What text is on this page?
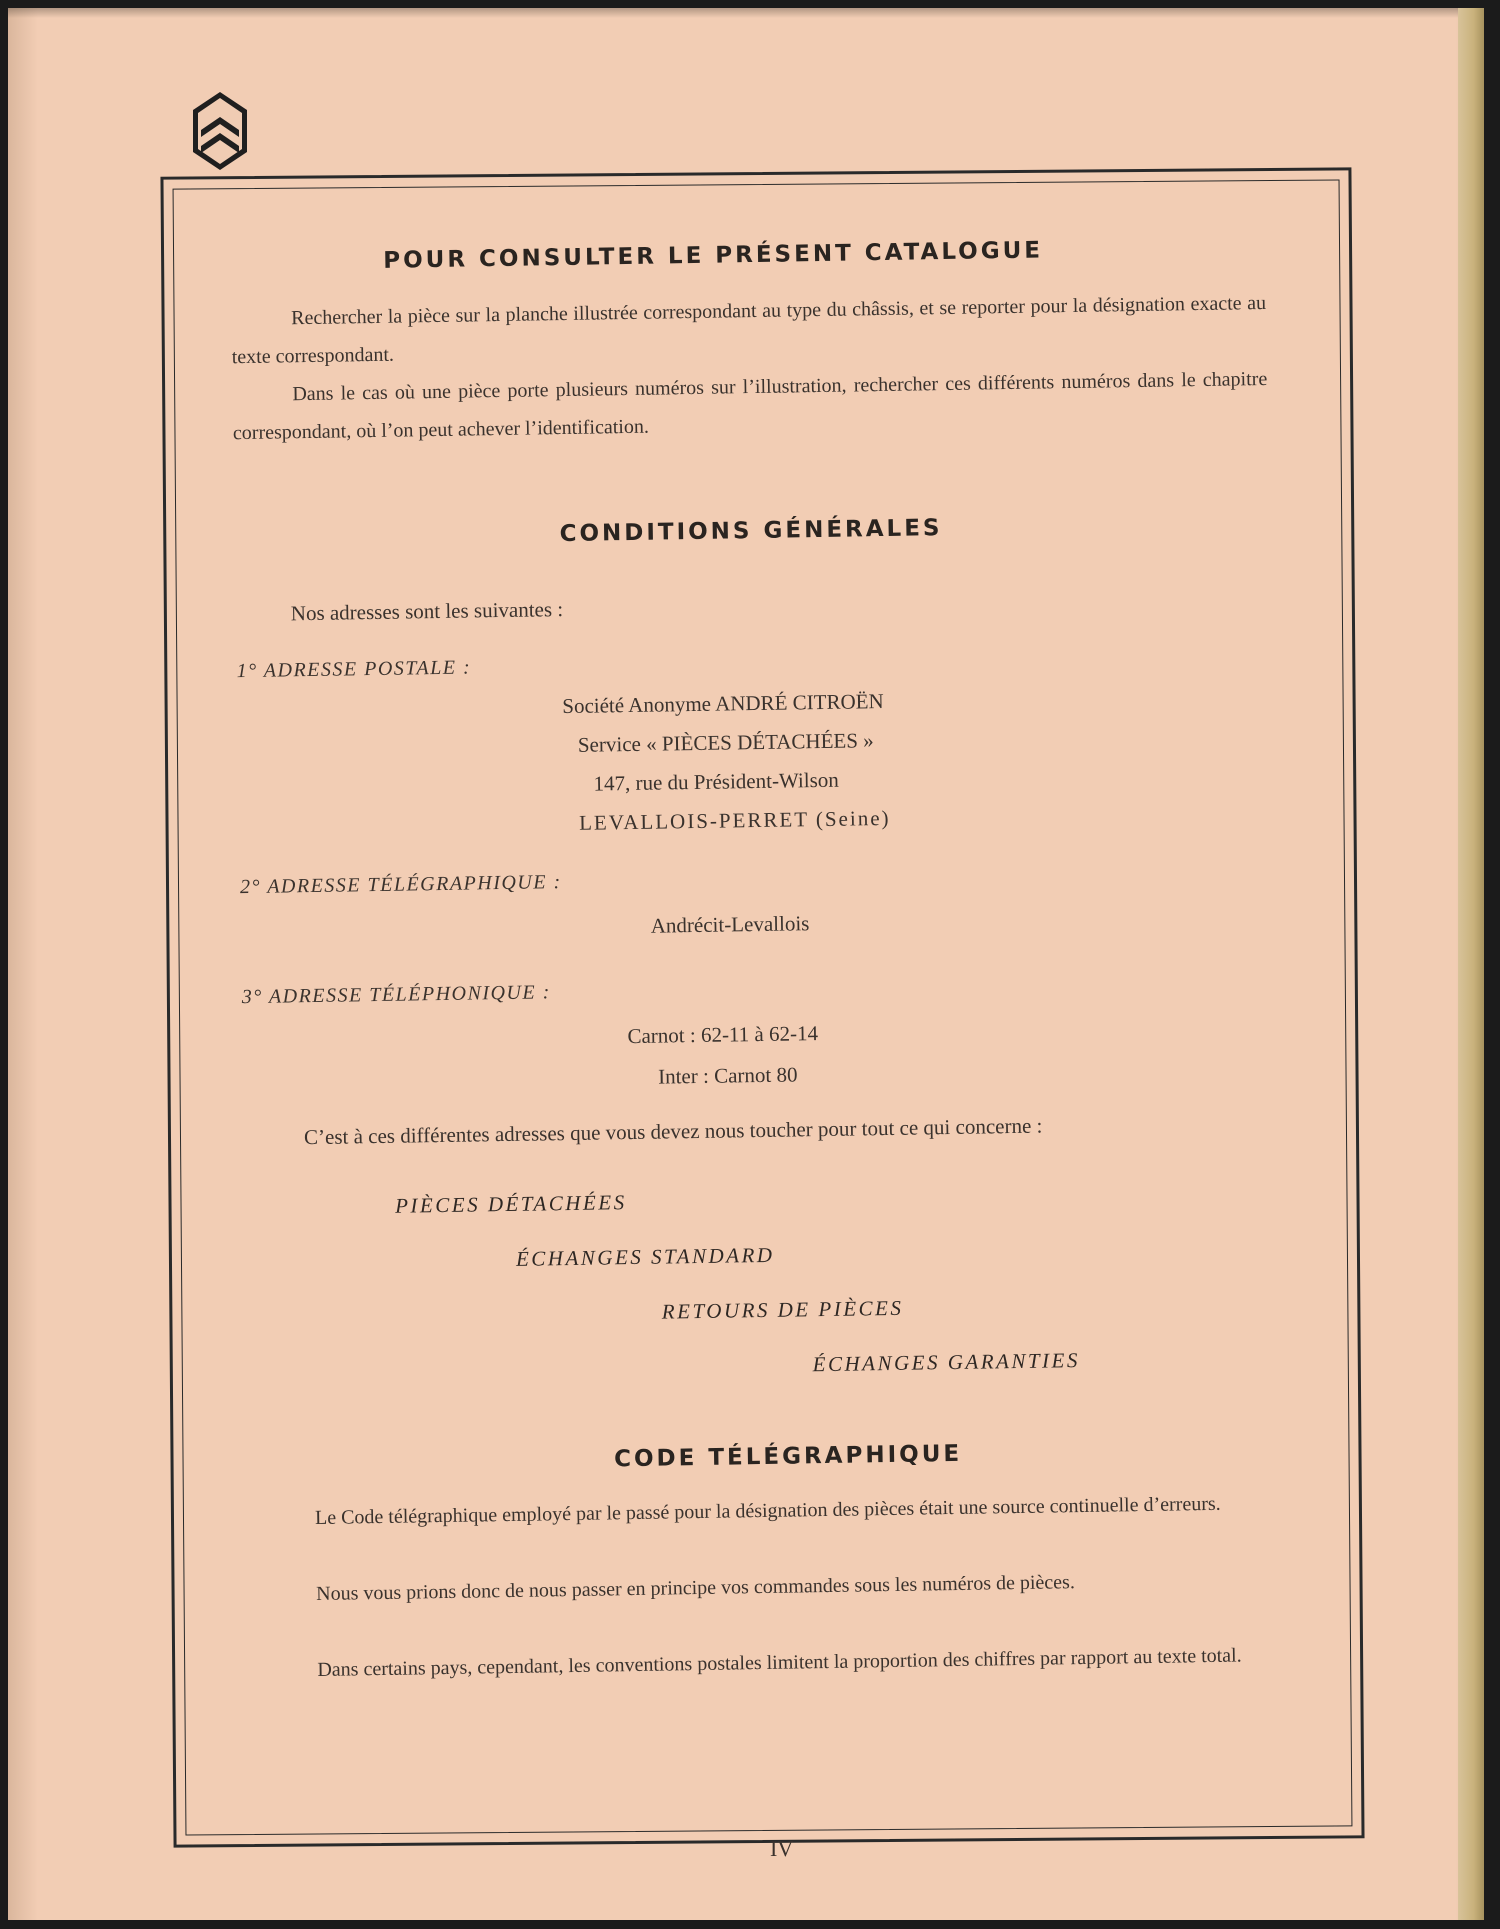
POUR CONSULTER LE PRÉSENT CATALOGUE
Rechercher la pièce sur la planche illustrée correspondant au type du châssis, et se reporter pour la désignation exacte au texte correspondant.
Dans le cas où une pièce porte plusieurs numéros sur l’illustration, rechercher ces différents numéros dans le chapitre correspondant, où l’on peut achever l’identification.
CONDITIONS GÉNÉRALES
Nos adresses sont les suivantes :
1° ADRESSE POSTALE :
Société Anonyme ANDRÉ CITROËN
Service « PIÈCES DÉTACHÉES »
147, rue du Président-Wilson
LEVALLOIS-PERRET (Seine)
2° ADRESSE TÉLÉGRAPHIQUE :
Andrécit-Levallois
3° ADRESSE TÉLÉPHONIQUE :
Carnot : 62-11 à 62-14
Inter : Carnot 80
C’est à ces différentes adresses que vous devez nous toucher pour tout ce qui concerne :
PIÈCES DÉTACHÉES
ÉCHANGES STANDARD
RETOURS DE PIÈCES
ÉCHANGES GARANTIES
CODE TÉLÉGRAPHIQUE
Le Code télégraphique employé par le passé pour la désignation des pièces était une source continuelle d’erreurs.
Nous vous prions donc de nous passer en principe vos commandes sous les numéros de pièces.
Dans certains pays, cependant, les conventions postales limitent la proportion des chiffres par rapport au texte total.
IV
